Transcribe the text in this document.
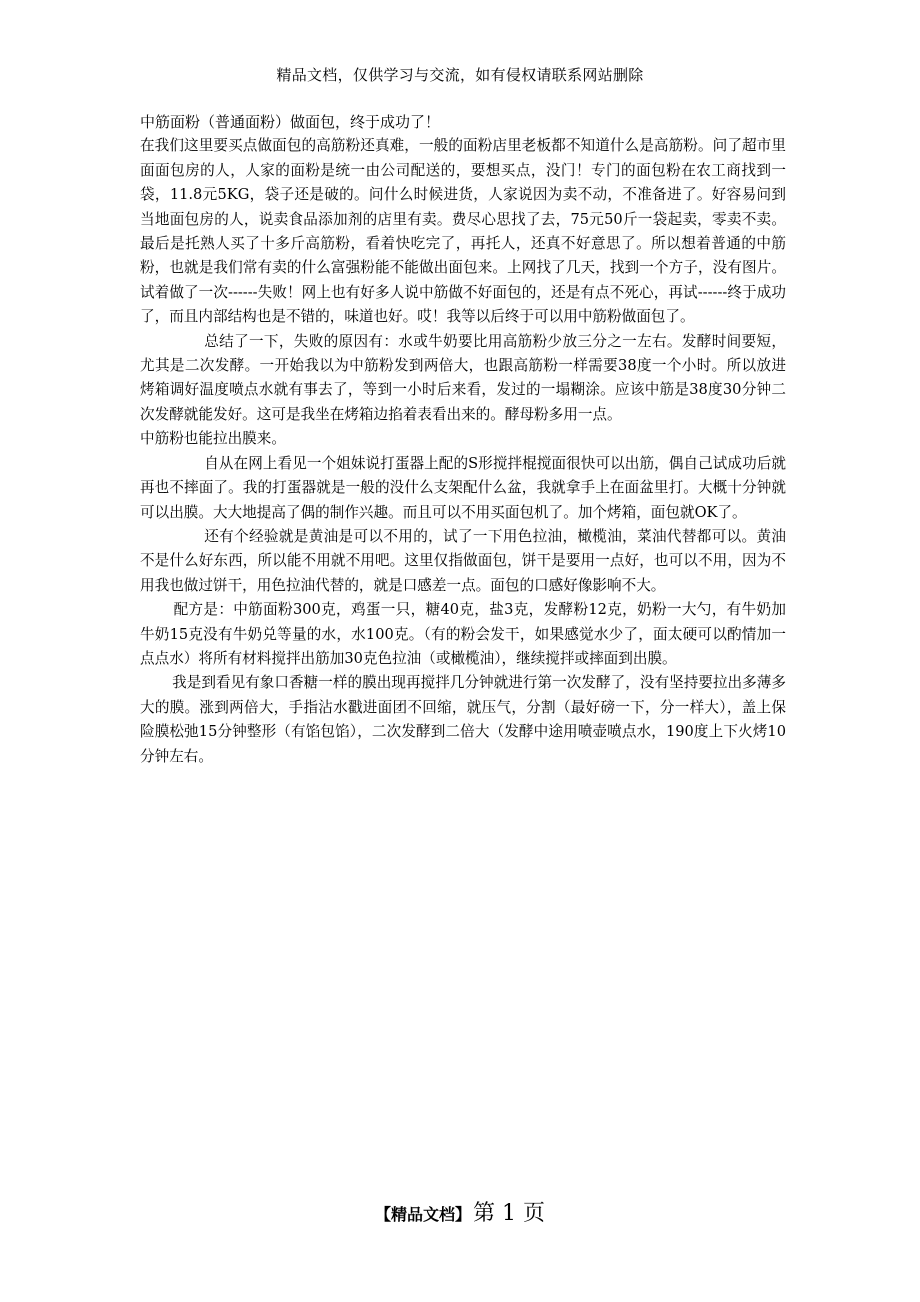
精品文档，仅供学习与交流，如有侵权请联系网站删除

中筋面粉（普通面粉）做面包，终于成功了！

在我们这里要买点做面包的高筋粉还真难，一般的面粉店里老板都不知道什么是高筋粉。问了超市里面面包房的人，人家的面粉是统一由公司配送的，要想买点，没门！专门的面包粉在农工商找到一袋，11.8元5KG，袋子还是破的。问什么时候进货，人家说因为卖不动，不准备进了。好容易问到当地面包房的人，说卖食品添加剂的店里有卖。费尽心思找了去，75元50斤一袋起卖，零卖不卖。最后是托熟人买了十多斤高筋粉，看着快吃完了，再托人，还真不好意思了。所以想着普通的中筋粉，也就是我们常有卖的什么富强粉能不能做出面包来。上网找了几天，找到一个方子，没有图片。试着做了一次------失败！网上也有好多人说中筋做不好面包的，还是有点不死心，再试------终于成功了，而且内部结构也是不错的，味道也好。哎！我等以后终于可以用中筋粉做面包了。

总结了一下，失败的原因有：水或牛奶要比用高筋粉少放三分之一左右。发酵时间要短，尤其是二次发酵。一开始我以为中筋粉发到两倍大，也跟高筋粉一样需要38度一个小时。所以放进烤箱调好温度喷点水就有事去了，等到一小时后来看，发过的一塌糊涂。应该中筋是38度30分钟二次发酵就能发好。这可是我坐在烤箱边掐着表看出来的。酵母粉多用一点。

中筋粉也能拉出膜来。

自从在网上看见一个姐妹说打蛋器上配的S形搅拌棍搅面很快可以出筋，偶自己试成功后就再也不摔面了。我的打蛋器就是一般的没什么支架配什么盆，我就拿手上在面盆里打。大概十分钟就可以出膜。大大地提高了偶的制作兴趣。而且可以不用买面包机了。加个烤箱，面包就OK了。

还有个经验就是黄油是可以不用的，试了一下用色拉油，橄榄油，菜油代替都可以。黄油不是什么好东西，所以能不用就不用吧。这里仅指做面包，饼干是要用一点好，也可以不用，因为不用我也做过饼干，用色拉油代替的，就是口感差一点。面包的口感好像影响不大。

配方是：中筋面粉300克，鸡蛋一只，糖40克，盐3克，发酵粉12克，奶粉一大勺，有牛奶加牛奶15克没有牛奶兑等量的水，水100克。（有的粉会发干，如果感觉水少了，面太硬可以酌情加一点点水）将所有材料搅拌出筋加30克色拉油（或橄榄油），继续搅拌或摔面到出膜。

我是到看见有象口香糖一样的膜出现再搅拌几分钟就进行第一次发酵了，没有坚持要拉出多薄多大的膜。涨到两倍大，手指沾水戳进面团不回缩，就压气，分割（最好磅一下，分一样大），盖上保险膜松弛15分钟整形（有馅包馅），二次发酵到二倍大（发酵中途用喷壶喷点水，190度上下火烤10分钟左右。

【精品文档】第 1 页
